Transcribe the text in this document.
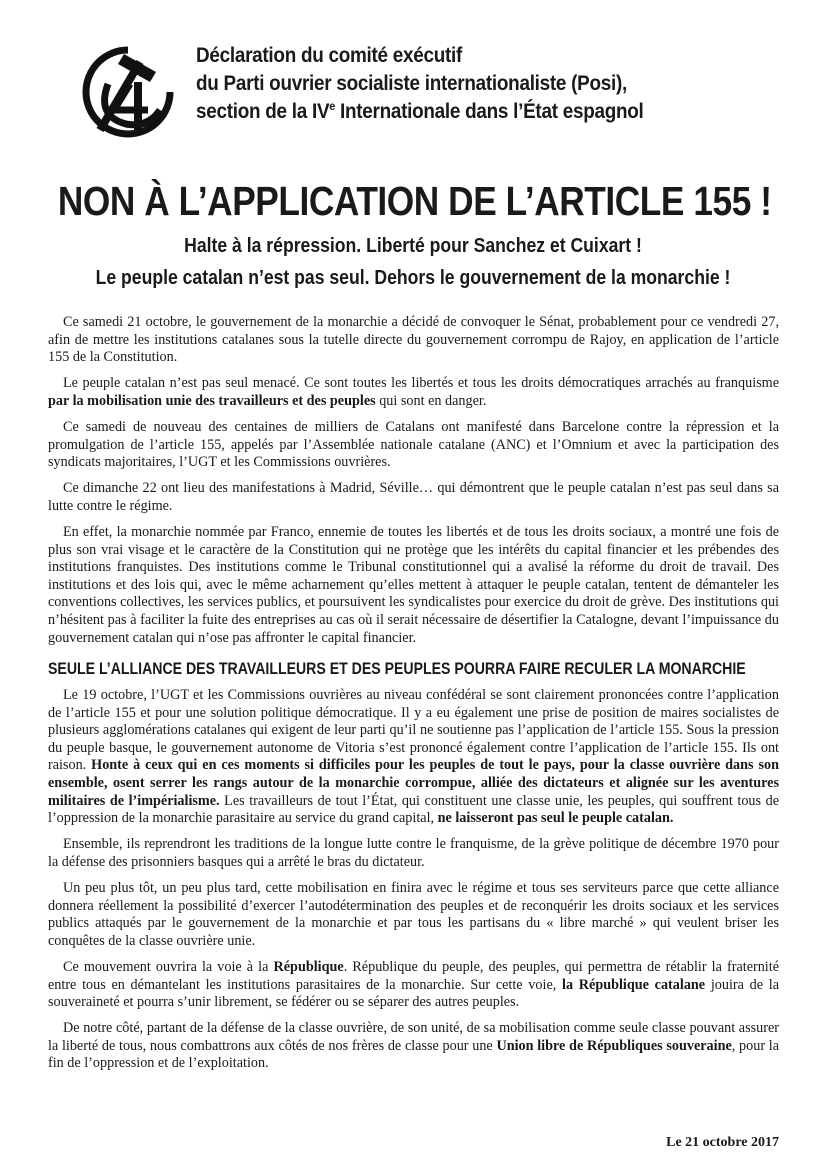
Déclaration du comité exécutif
du Parti ouvrier socialiste internationaliste (Posi),
section de la IVe Internationale dans l’État espagnol
NON À L’APPLICATION DE L’ARTICLE 155 !
Halte à la répression. Liberté pour Sanchez et Cuixart !
Le peuple catalan n’est pas seul. Dehors le gouvernement de la monarchie !

Ce samedi 21 octobre, le gouvernement de la monarchie a décidé de convoquer le Sénat, probablement pour ce vendredi 27, afin de mettre les institutions catalanes sous la tutelle directe du gouvernement corrompu de Rajoy, en application de l’article 155 de la Constitution.

Le peuple catalan n’est pas seul menacé. Ce sont toutes les libertés et tous les droits démocratiques arrachés au franquisme par la mobilisation unie des travailleurs et des peuples qui sont en danger.

Ce samedi de nouveau des centaines de milliers de Catalans ont manifesté dans Barcelone contre la répression et la promulgation de l’article 155, appelés par l’Assemblée nationale catalane (ANC) et l’Omnium et avec la participation des syndicats majoritaires, l’UGT et les Commissions ouvrières.

Ce dimanche 22 ont lieu des manifestations à Madrid, Séville… qui démontrent que le peuple catalan n’est pas seul dans sa lutte contre le régime.

En effet, la monarchie nommée par Franco, ennemie de toutes les libertés et de tous les droits sociaux, a montré une fois de plus son vrai visage et le caractère de la Constitution qui ne protège que les intérêts du capital financier et les prébendes des institutions franquistes. Des institutions comme le Tribunal constitutionnel qui a avalisé la réforme du droit de travail. Des institutions et des lois qui, avec le même acharnement qu’elles mettent à attaquer le peuple catalan, tentent de démanteler les conventions collectives, les services publics, et poursuivent les syndicalistes pour exercice du droit de grève. Des institutions qui n’hésitent pas à faciliter la fuite des entreprises au cas où il serait nécessaire de désertifier la Catalogne, devant l’impuissance du gouvernement catalan qui n’ose pas affronter le capital financier.

SEULE L’ALLIANCE DES TRAVAILLEURS ET DES PEUPLES POURRA FAIRE RECULER LA MONARCHIE

Le 19 octobre, l’UGT et les Commissions ouvrières au niveau confédéral se sont clairement prononcées contre l’application de l’article 155 et pour une solution politique démocratique. Il y a eu également une prise de position de maires socialistes de plusieurs agglomérations catalanes qui exigent de leur parti qu’il ne soutienne pas l’application de l’article 155. Sous la pression du peuple basque, le gouvernement autonome de Vitoria s’est prononcé également contre l’application de l’article 155. Ils ont raison. Honte à ceux qui en ces moments si difficiles pour les peuples de tout le pays, pour la classe ouvrière dans son ensemble, osent serrer les rangs autour de la monarchie corrompue, alliée des dictateurs et alignée sur les aventures militaires de l’impérialisme. Les travailleurs de tout l’État, qui constituent une classe unie, les peuples, qui souffrent tous de l’oppression de la monarchie parasitaire au service du grand capital, ne laisseront pas seul le peuple catalan.

Ensemble, ils reprendront les traditions de la longue lutte contre le franquisme, de la grève politique de décembre 1970 pour la défense des prisonniers basques qui a arrêté le bras du dictateur.

Un peu plus tôt, un peu plus tard, cette mobilisation en finira avec le régime et tous ses serviteurs parce que cette alliance donnera réellement la possibilité d’exercer l’autodétermination des peuples et de reconquérir les droits sociaux et les services publics attaqués par le gouvernement de la monarchie et par tous les partisans du « libre marché » qui veulent briser les conquêtes de la classe ouvrière unie.

Ce mouvement ouvrira la voie à la République. République du peuple, des peuples, qui permettra de rétablir la fraternité entre tous en démantelant les institutions parasitaires de la monarchie. Sur cette voie, la République catalane jouira de la souveraineté et pourra s’unir librement, se fédérer ou se séparer des autres peuples.

De notre côté, partant de la défense de la classe ouvrière, de son unité, de sa mobilisation comme seule classe pouvant assurer la liberté de tous, nous combattrons aux côtés de nos frères de classe pour une Union libre de Républiques souveraine, pour la fin de l’oppression et de l’exploitation.

Le 21 octobre 2017
